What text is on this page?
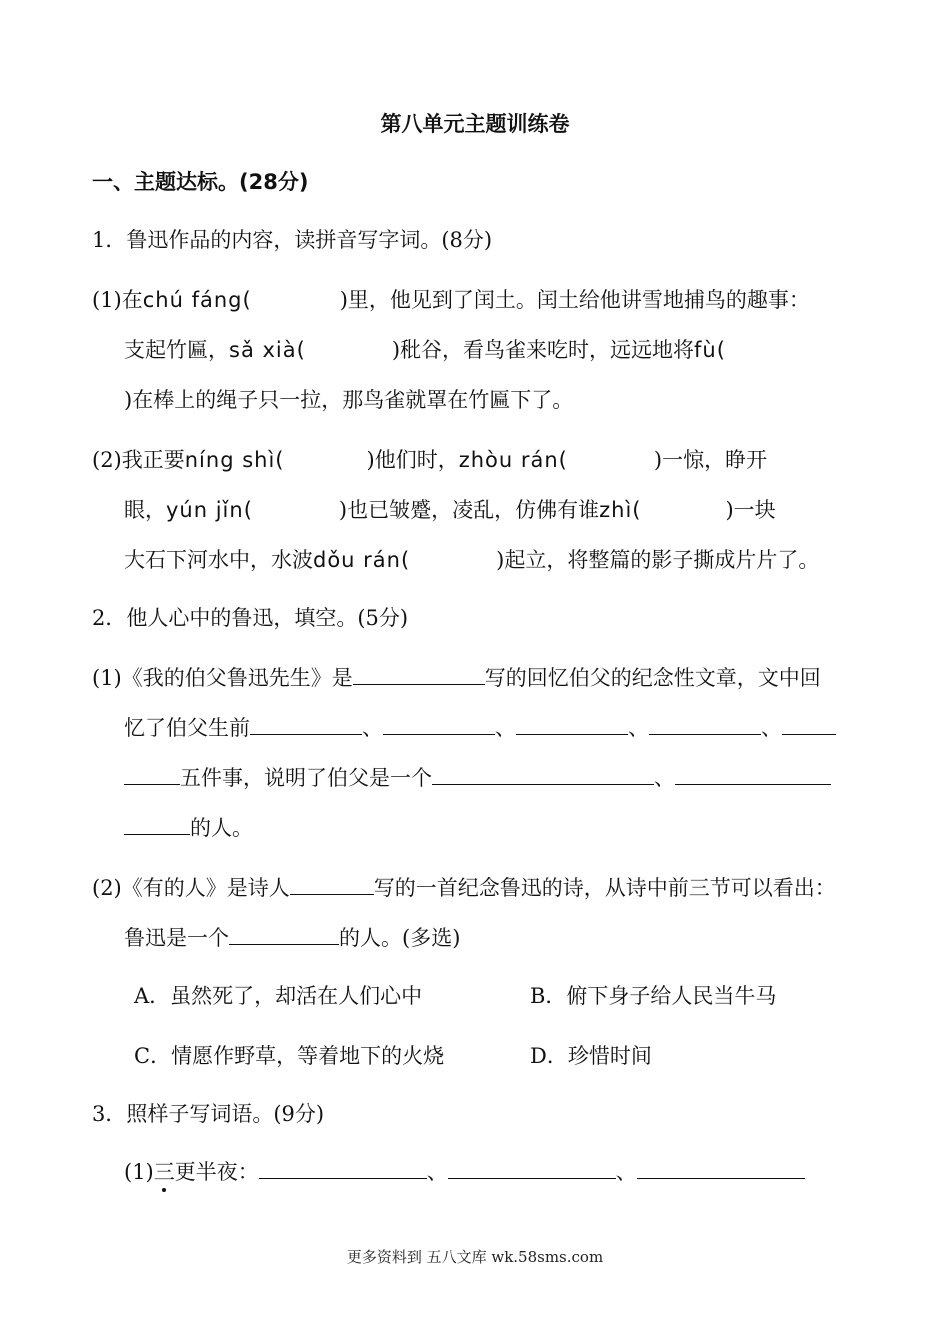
第八单元主题训练卷
一、主题达标。(28分)
1．鲁迅作品的内容，读拼音写字词。(8分)
(1)在chú fáng(	)里，他见到了闰土。闰土给他讲雪地捕鸟的趣事：
支起竹匾，sǎ xià(	)秕谷，看鸟雀来吃时，远远地将fù(
)在棒上的绳子只一拉，那鸟雀就罩在竹匾下了。
(2)我正要níng shì(	)他们时，zhòu rán(	)一惊，睁开
眼，yún jǐn(	)也已皱蹙，凌乱，仿佛有谁zhì(	)一块
大石下河水中，水波dǒu rán(	)起立，将整篇的影子撕成片片了。
2．他人心中的鲁迅，填空。(5分)
(1)《我的伯父鲁迅先生》是	写的回忆伯父的纪念性文章，文中回
忆了伯父生前	、	、	、	、
五件事，说明了伯父是一个	、
的人。
(2)《有的人》是诗人	写的一首纪念鲁迅的诗，从诗中前三节可以看出：
鲁迅是一个	的人。(多选)
A．虽然死了，却活在人们心中	B．俯下身子给人民当牛马
C．情愿作野草，等着地下的火烧	D．珍惜时间
3．照样子写词语。(9分)
(1)三更半夜：	、	、
更多资料到 五八文库 wk.58sms.com
